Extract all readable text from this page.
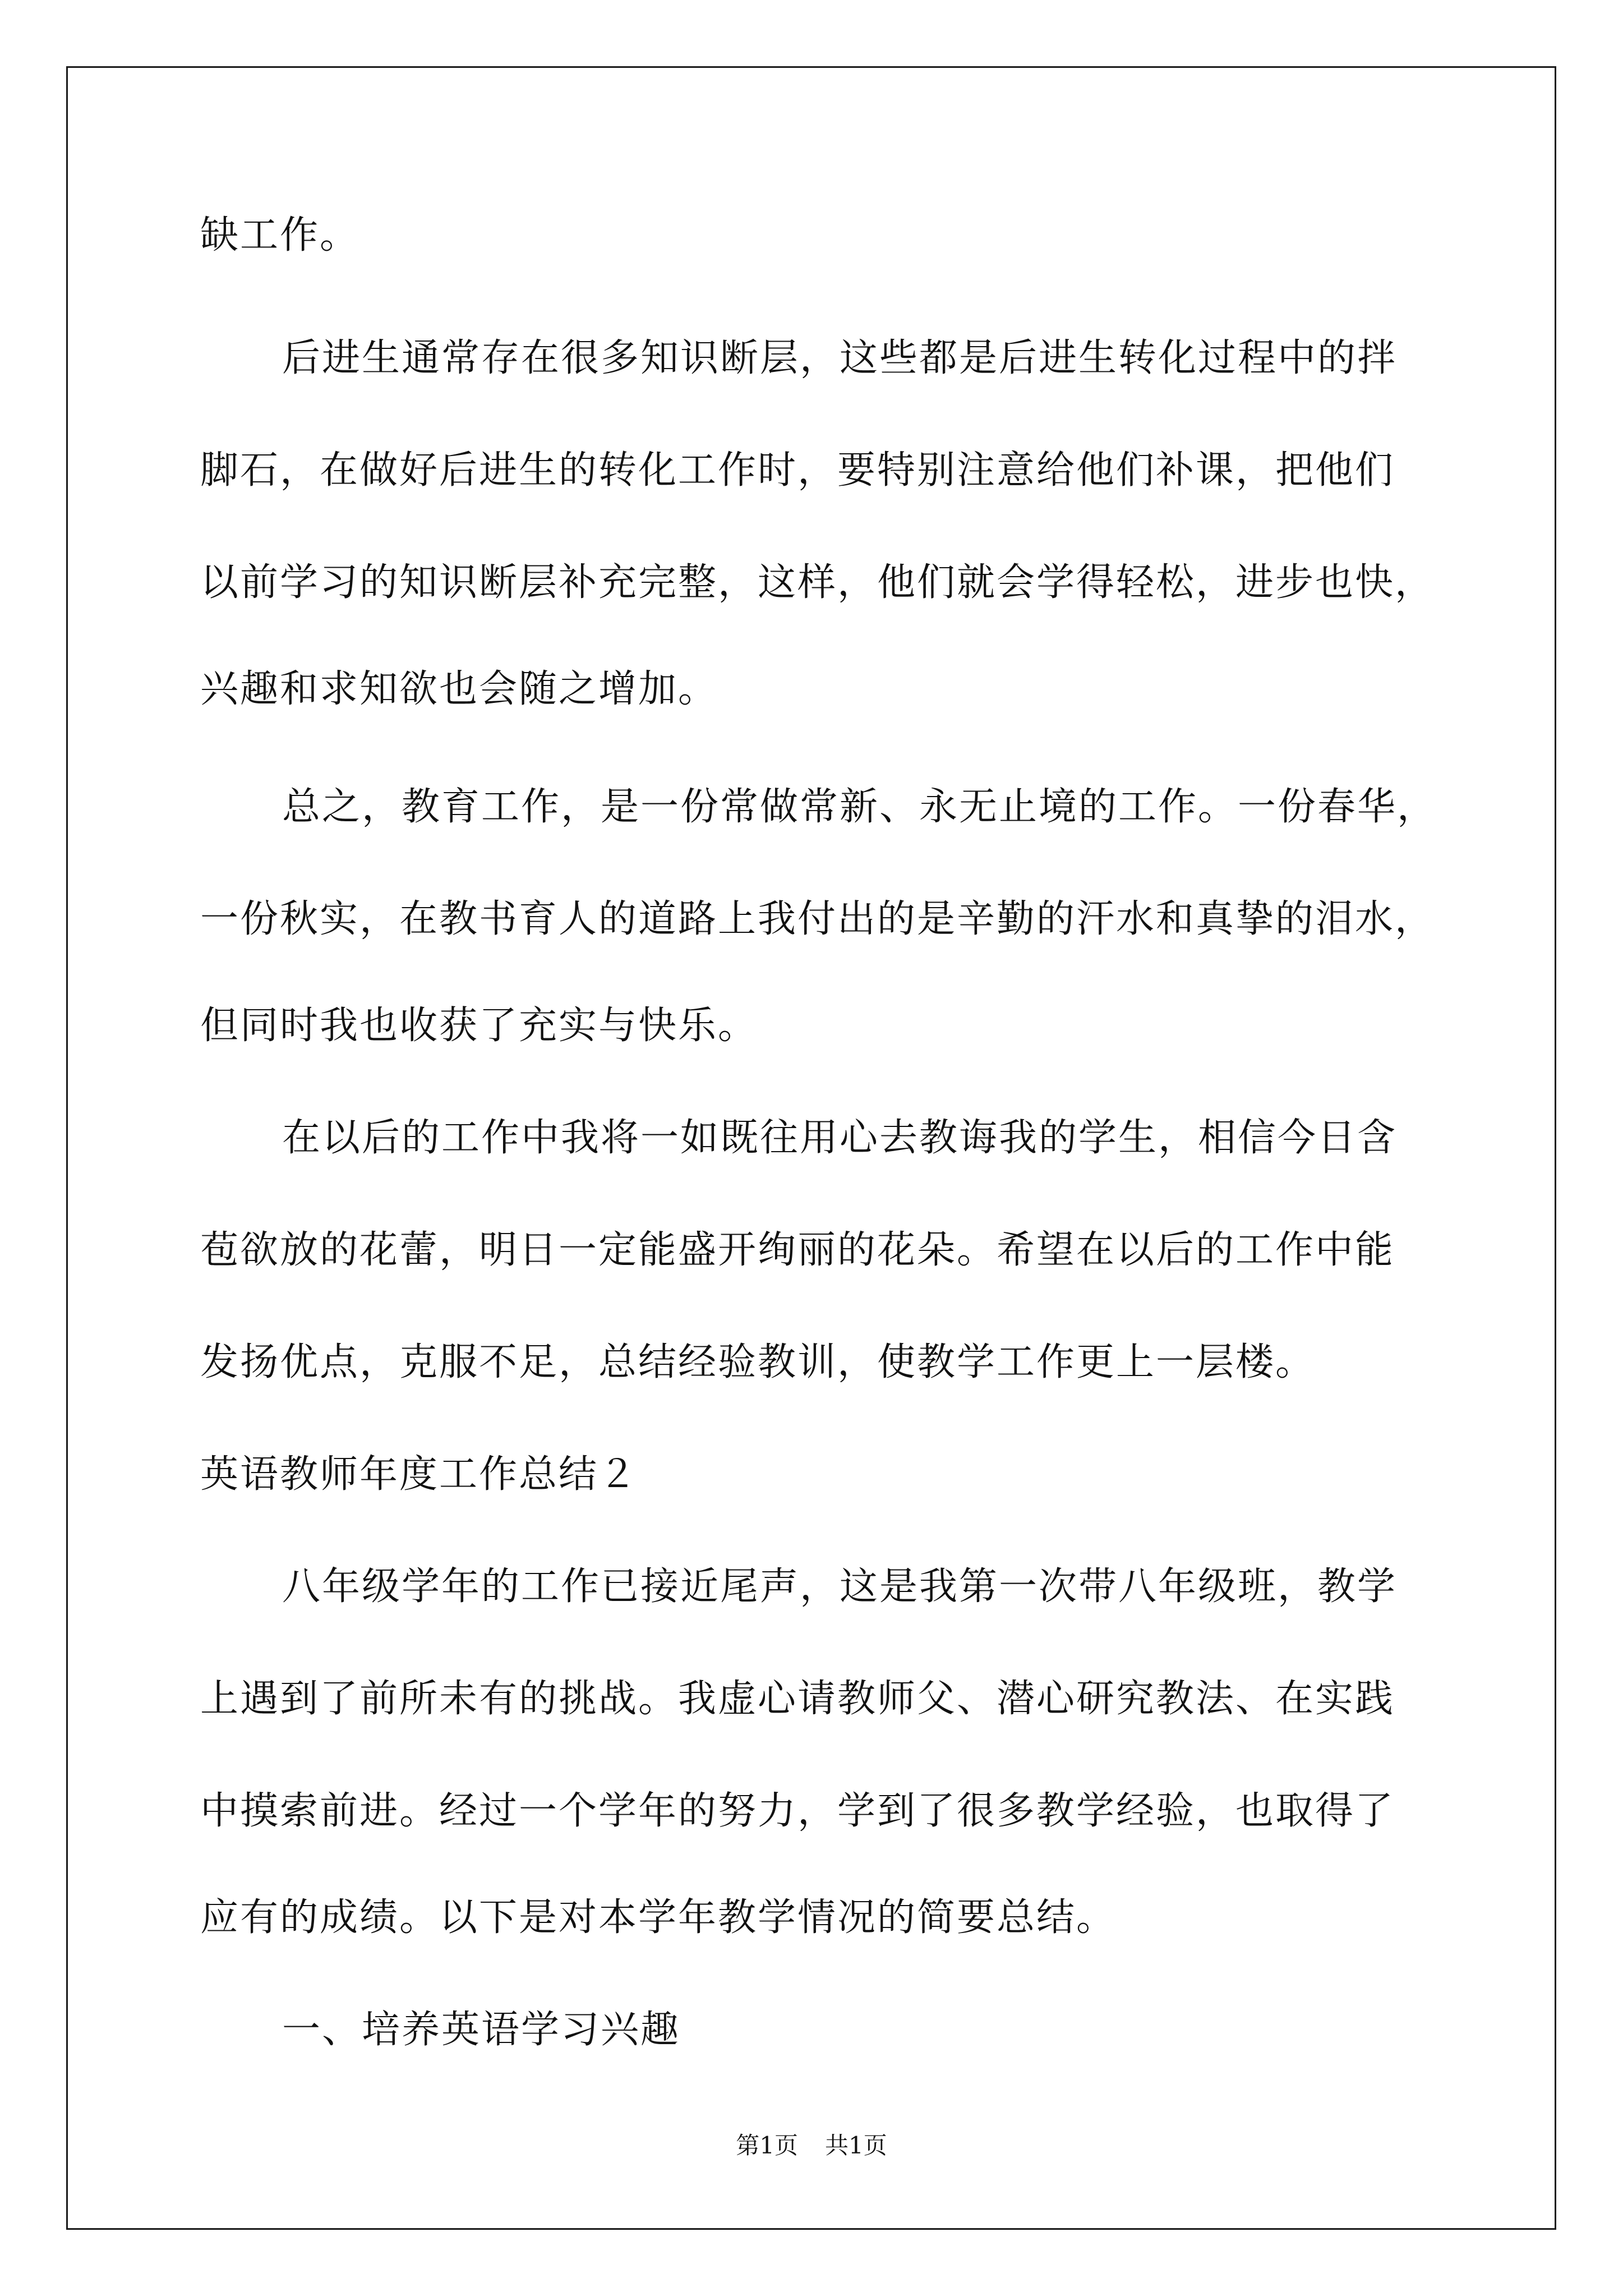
缺工作。
后进生通常存在很多知识断层，这些都是后进生转化过程中的拌
脚石，在做好后进生的转化工作时，要特别注意给他们补课，把他们
以前学习的知识断层补充完整，这样，他们就会学得轻松，进步也快，
兴趣和求知欲也会随之增加。
总之，教育工作，是一份常做常新、永无止境的工作。一份春华，
一份秋实，在教书育人的道路上我付出的是辛勤的汗水和真挚的泪水，
但同时我也收获了充实与快乐。
在以后的工作中我将一如既往用心去教诲我的学生，相信今日含
苞欲放的花蕾，明日一定能盛开绚丽的花朵。希望在以后的工作中能
发扬优点，克服不足，总结经验教训，使教学工作更上一层楼。
英语教师年度工作总结２
八年级学年的工作已接近尾声，这是我第一次带八年级班，教学
上遇到了前所未有的挑战。我虚心请教师父、潜心研究教法、在实践
中摸索前进。经过一个学年的努力，学到了很多教学经验，也取得了
应有的成绩。以下是对本学年教学情况的简要总结。
一、培养英语学习兴趣
第1页 共1页
